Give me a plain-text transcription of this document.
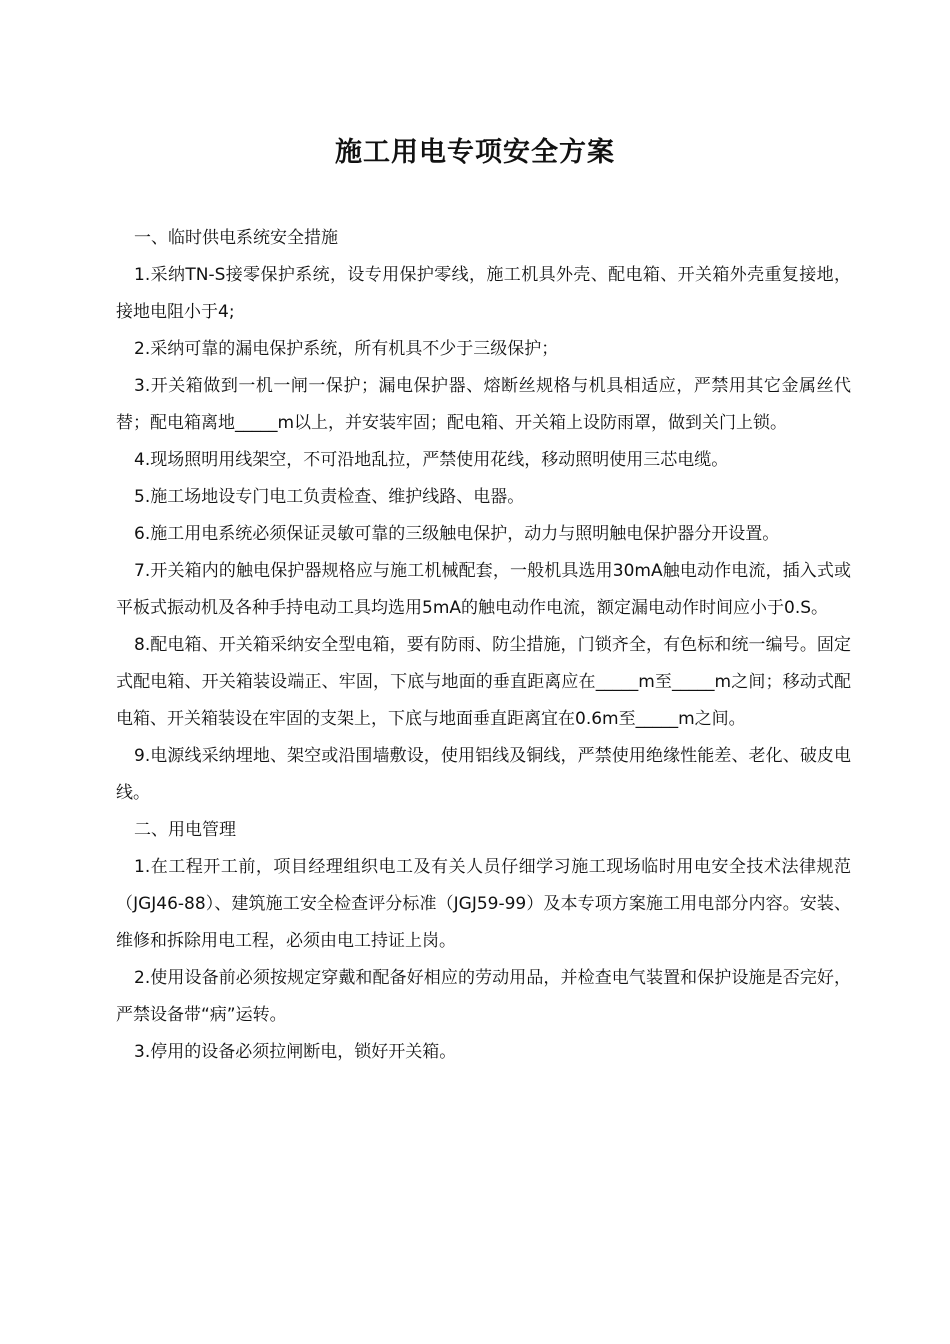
施工用电专项安全方案

一、临时供电系统安全措施

1.采纳TN-S接零保护系统，设专用保护零线，施工机具外壳、配电箱、开关箱外壳重复接地，接地电阻小于4;

2.采纳可靠的漏电保护系统，所有机具不少于三级保护；

3.开关箱做到一机一闸一保护；漏电保护器、熔断丝规格与机具相适应，严禁用其它金属丝代替；配电箱离地_____m以上，并安装牢固；配电箱、开关箱上设防雨罩，做到关门上锁。

4.现场照明用线架空，不可沿地乱拉，严禁使用花线，移动照明使用三芯电缆。

5.施工场地设专门电工负责检查、维护线路、电器。

6.施工用电系统必须保证灵敏可靠的三级触电保护，动力与照明触电保护器分开设置。

7.开关箱内的触电保护器规格应与施工机械配套，一般机具选用30mA触电动作电流，插入式或平板式振动机及各种手持电动工具均选用5mA的触电动作电流，额定漏电动作时间应小于0.S。

8.配电箱、开关箱采纳安全型电箱，要有防雨、防尘措施，门锁齐全，有色标和统一编号。固定式配电箱、开关箱装设端正、牢固，下底与地面的垂直距离应在_____m至_____m之间；移动式配电箱、开关箱装设在牢固的支架上，下底与地面垂直距离宜在0.6m至_____m之间。

9.电源线采纳埋地、架空或沿围墙敷设，使用铝线及铜线，严禁使用绝缘性能差、老化、破皮电线。

二、用电管理

1.在工程开工前，项目经理组织电工及有关人员仔细学习施工现场临时用电安全技术法律规范（JGJ46-88）、建筑施工安全检查评分标准（JGJ59-99）及本专项方案施工用电部分内容。安装、维修和拆除用电工程，必须由电工持证上岗。

2.使用设备前必须按规定穿戴和配备好相应的劳动用品，并检查电气装置和保护设施是否完好，严禁设备带“病”运转。

3.停用的设备必须拉闸断电，锁好开关箱。
